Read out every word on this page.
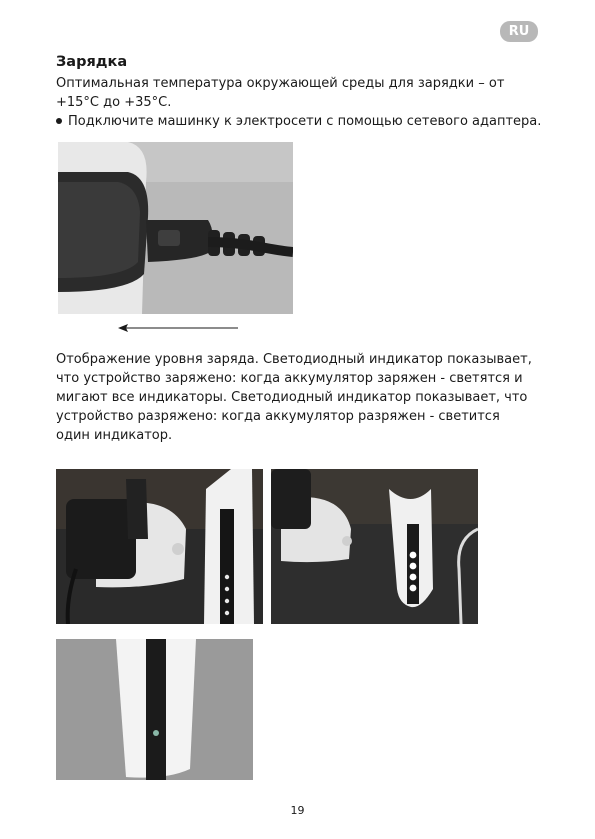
RU
Зарядка
Оптимальная температура окружающей среды для зарядки – от +15°C до +35°C.
Подключите машинку к электросети с помощью сетевого адаптера.
Отображение уровня заряда. Светодиодный индикатор показывает, что устройство заряжено: когда аккумулятор заряжен - светятся и мигают все индикаторы. Светодиодный индикатор показывает, что устройство разряжено: когда аккумулятор разряжен - светится один индикатор.
19
